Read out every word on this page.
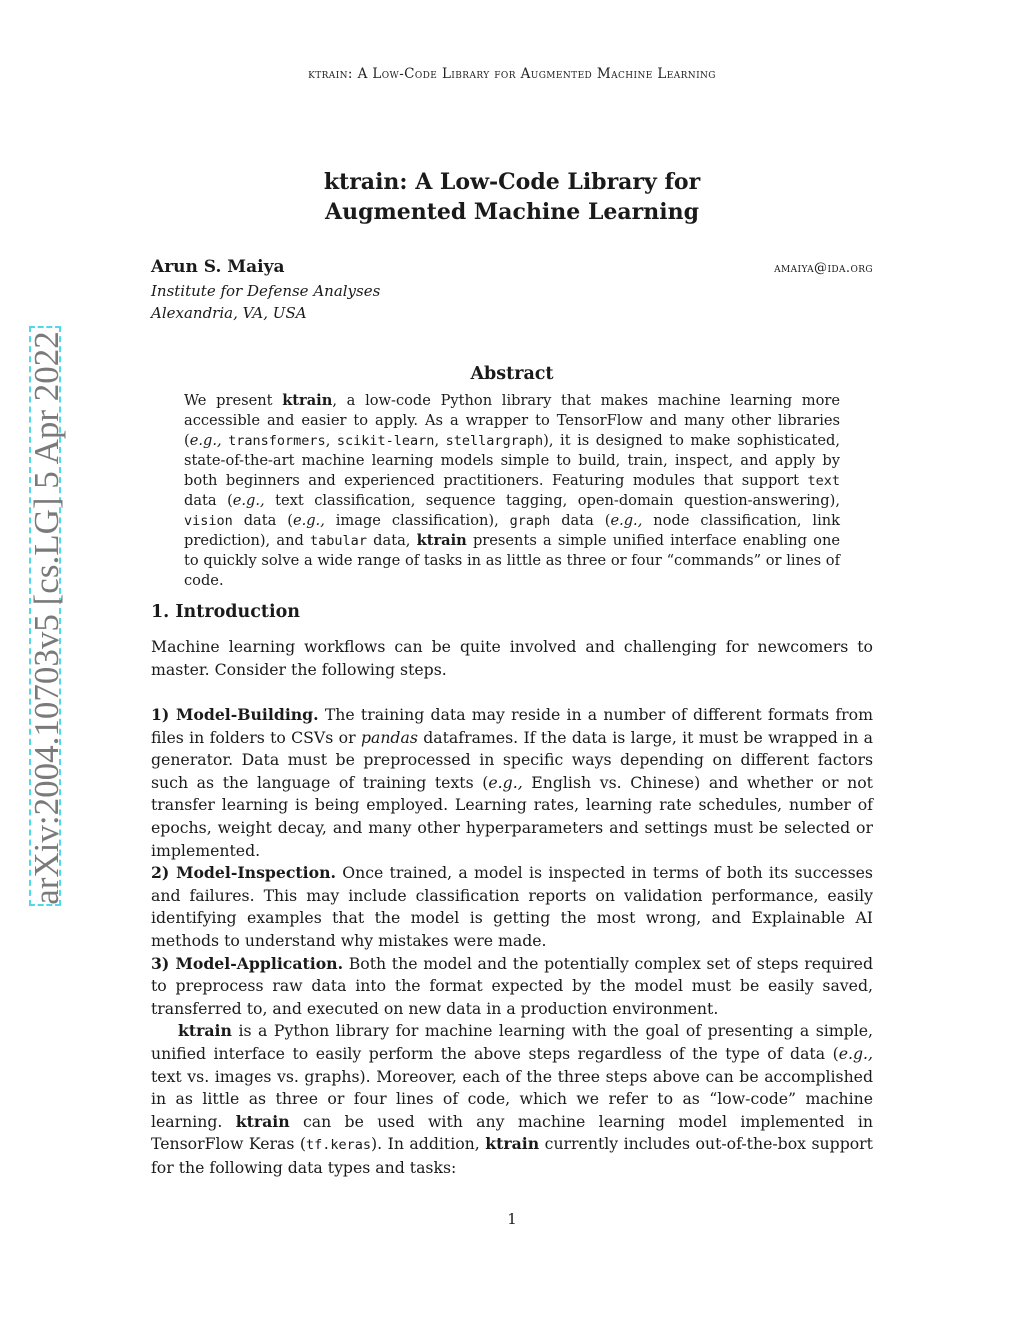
ktrain: A Low-Code Library for Augmented Machine Learning
ktrain: A Low-Code Library for
Augmented Machine Learning
Arun S. Maiya	amaiya@ida.org
Institute for Defense Analyses
Alexandria, VA, USA
arXiv:2004.10703v5 [cs.LG] 5 Apr 2022	Abstract
We present ktrain, a low-code Python library that makes machine learning more accessible and easier to apply. As a wrapper to TensorFlow and many other libraries (e.g., transformers, scikit-learn, stellargraph), it is designed to make sophisticated, state-of-the-art machine learning models simple to build, train, inspect, and apply by both beginners and experienced practitioners. Featuring modules that support text data (e.g., text classification, sequence tagging, open-domain question-answering), vision data (e.g., image classification), graph data (e.g., node classification, link prediction), and tabular data, ktrain presents a simple unified interface enabling one to quickly solve a wide range of tasks in as little as three or four “commands” or lines of code.
1. Introduction
Machine learning workflows can be quite involved and challenging for newcomers to master. Consider the following steps.
1) Model-Building. The training data may reside in a number of different formats from files in folders to CSVs or pandas dataframes. If the data is large, it must be wrapped in a generator. Data must be preprocessed in specific ways depending on different factors such as the language of training texts (e.g., English vs. Chinese) and whether or not transfer learning is being employed. Learning rates, learning rate schedules, number of epochs, weight decay, and many other hyperparameters and settings must be selected or implemented.
2) Model-Inspection. Once trained, a model is inspected in terms of both its successes and failures. This may include classification reports on validation performance, easily identifying examples that the model is getting the most wrong, and Explainable AI methods to understand why mistakes were made.
3) Model-Application. Both the model and the potentially complex set of steps required to preprocess raw data into the format expected by the model must be easily saved, transferred to, and executed on new data in a production environment.
ktrain is a Python library for machine learning with the goal of presenting a simple, unified interface to easily perform the above steps regardless of the type of data (e.g., text vs. images vs. graphs). Moreover, each of the three steps above can be accomplished in as little as three or four lines of code, which we refer to as “low-code” machine learning. ktrain can be used with any machine learning model implemented in TensorFlow Keras (tf.keras). In addition, ktrain currently includes out-of-the-box support for the following data types and tasks:
1
